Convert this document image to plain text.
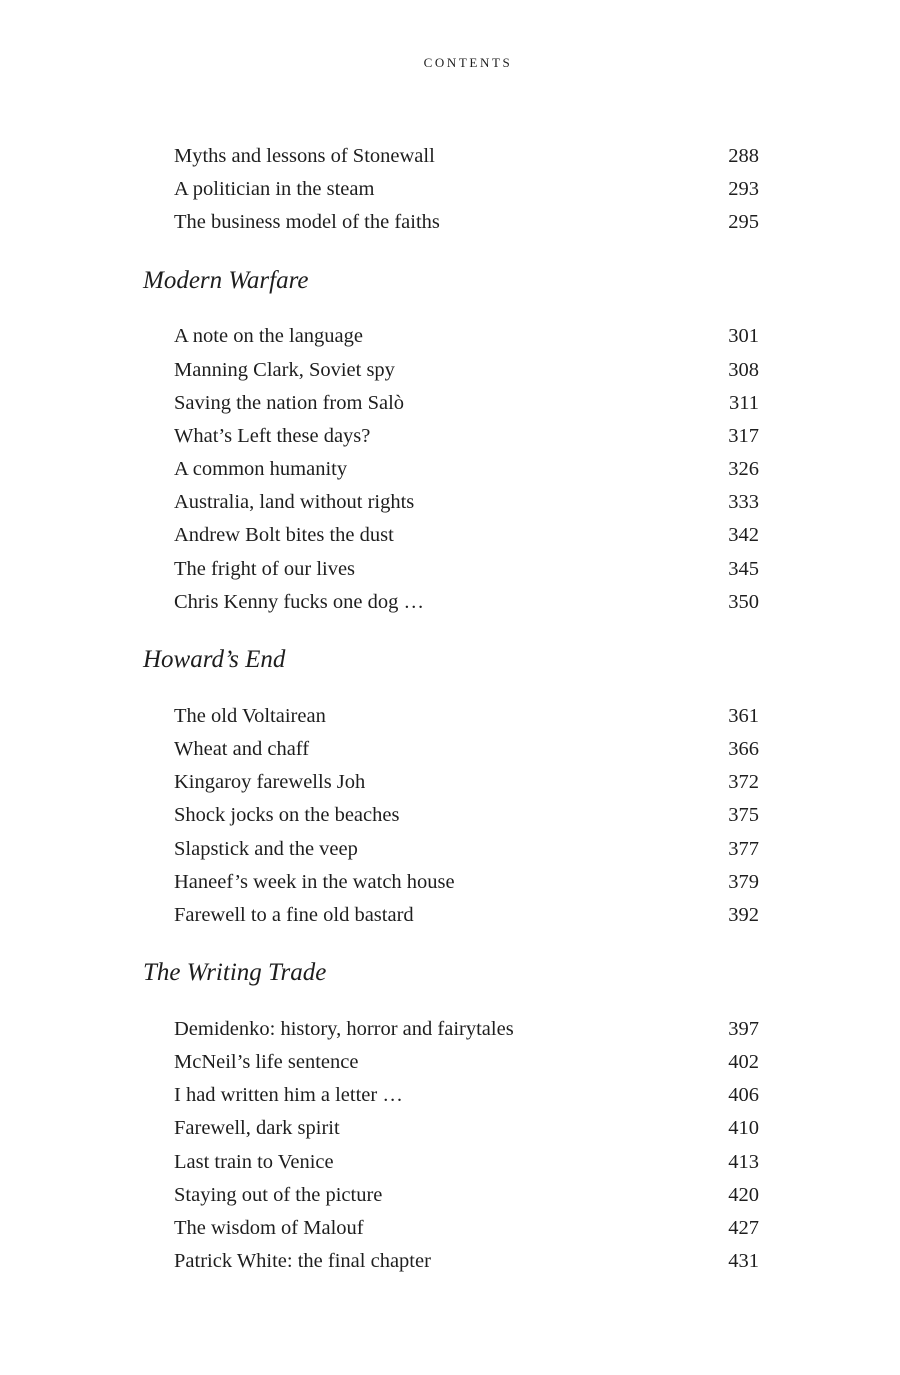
CONTENTS
Myths and lessons of Stonewall	288
A politician in the steam	293
The business model of the faiths	295
Modern Warfare
A note on the language	301
Manning Clark, Soviet spy	308
Saving the nation from Salò	311
What’s Left these days?	317
A common humanity	326
Australia, land without rights	333
Andrew Bolt bites the dust	342
The fright of our lives	345
Chris Kenny fucks one dog …	350
Howard’s End
The old Voltairean	361
Wheat and chaff	366
Kingaroy farewells Joh	372
Shock jocks on the beaches	375
Slapstick and the veep	377
Haneef’s week in the watch house	379
Farewell to a fine old bastard	392
The Writing Trade
Demidenko: history, horror and fairytales	397
McNeil’s life sentence	402
I had written him a letter …	406
Farewell, dark spirit	410
Last train to Venice	413
Staying out of the picture	420
The wisdom of Malouf	427
Patrick White: the final chapter	431
